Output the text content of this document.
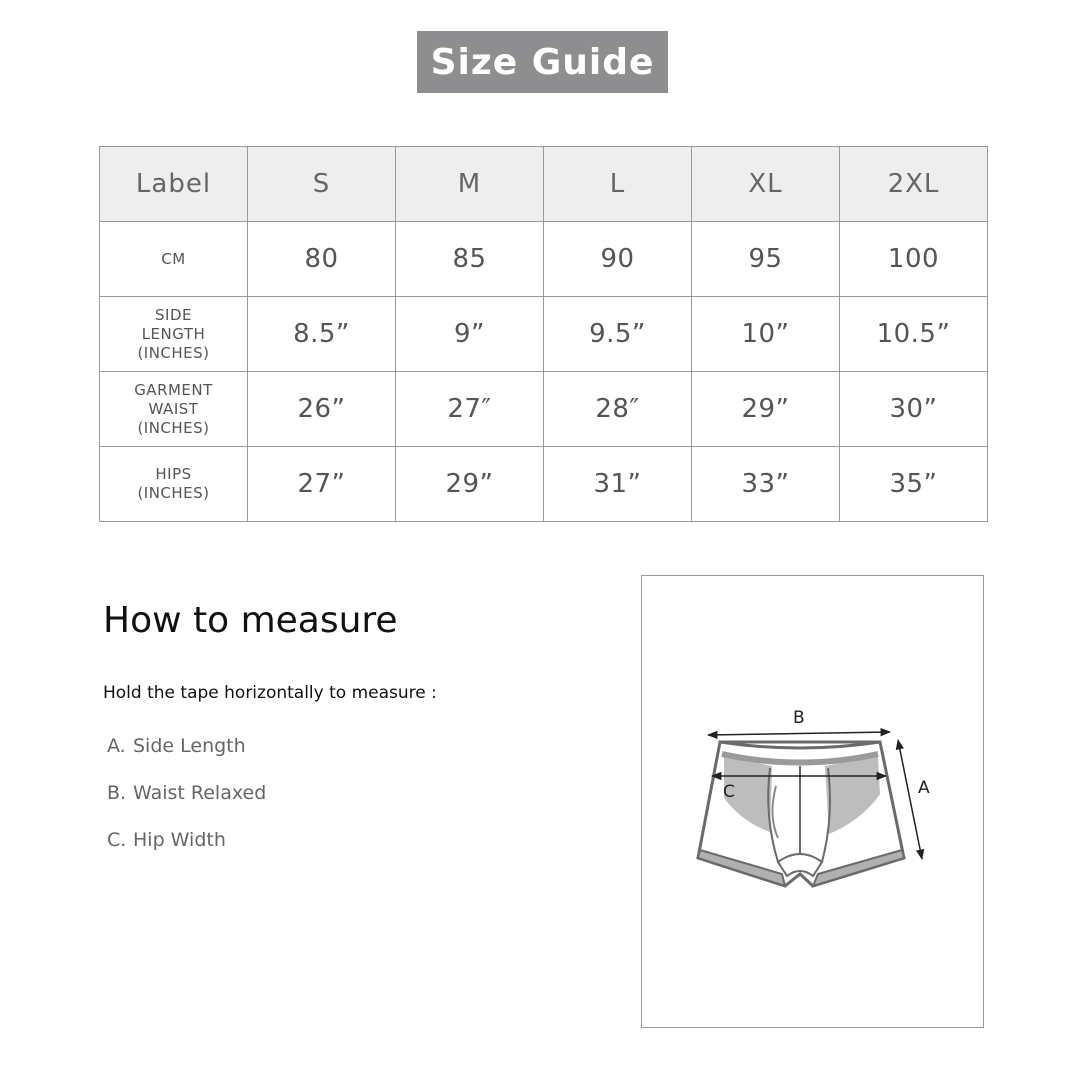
Size Guide
Label	S	M	L	XL	2XL
CM	80	85	90	95	100
SIDE
LENGTH
(INCHES)	8.5”	9”	9.5”	10”	10.5”
GARMENT
WAIST
(INCHES)	26”	27″	28″	29”	30”
HIPS
(INCHES)	27”	29”	31”	33”	35”
How to measure
Hold the tape horizontally to measure :
A. Side Length
B. Waist Relaxed
C. Hip Width
B
C	A
